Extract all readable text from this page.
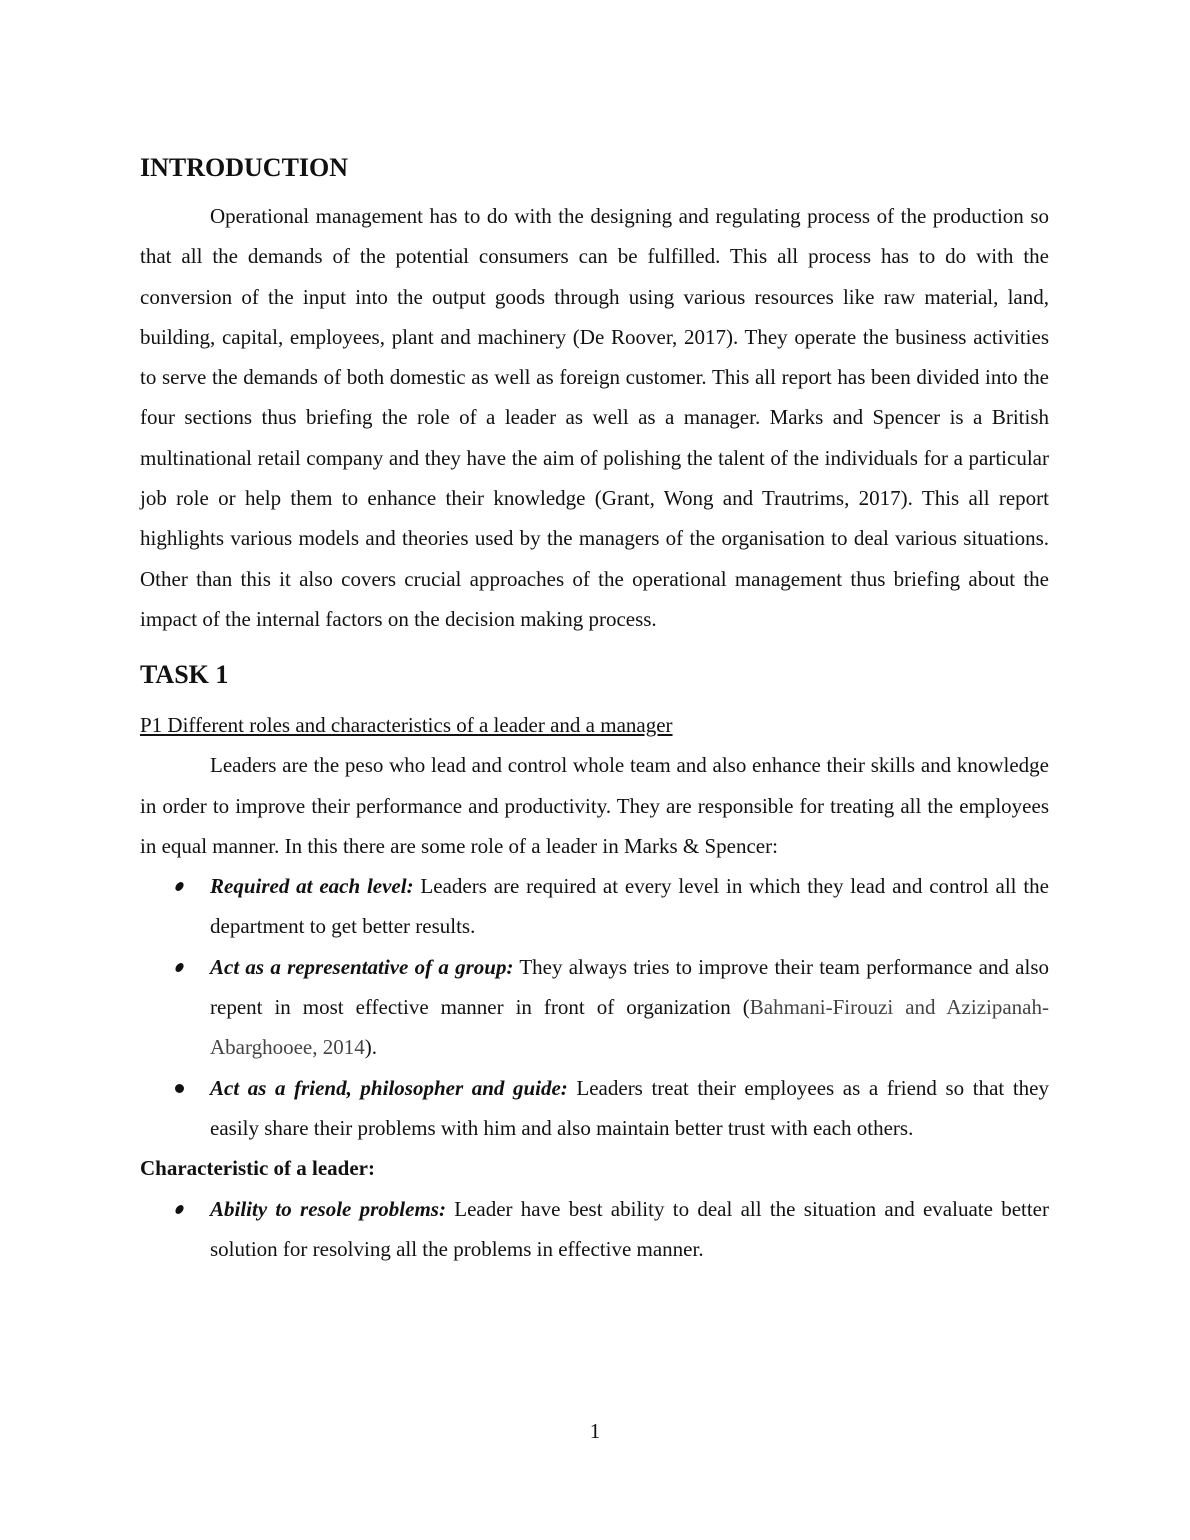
INTRODUCTION

Operational management has to do with the designing and regulating process of the production so that all the demands of the potential consumers can be fulfilled. This all process has to do with the conversion of the input into the output goods through using various resources like raw material, land, building, capital, employees, plant and machinery (De Roover, 2017). They operate the business activities to serve the demands of both domestic as well as foreign customer. This all report has been divided into the four sections thus briefing the role of a leader as well as a manager. Marks and Spencer is a British multinational retail company and they have the aim of polishing the talent of the individuals for a particular job role or help them to enhance their knowledge (Grant, Wong and Trautrims, 2017). This all report highlights various models and theories used by the managers of the organisation to deal various situations. Other than this it also covers crucial approaches of the operational management thus briefing about the impact of the internal factors on the decision making process.

TASK 1

P1 Different roles and characteristics of a leader and a manager

Leaders are the peso who lead and control whole team and also enhance their skills and knowledge in order to improve their performance and productivity. They are responsible for treating all the employees in equal manner. In this there are some role of a leader in Marks & Spencer:

Required at each level: Leaders are required at every level in which they lead and control all the department to get better results.
Act as a representative of a group: They always tries to improve their team performance and also repent in most effective manner in front of organization (Bahmani-Firouzi and Azizipanah-Abarghooee, 2014).
Act as a friend, philosopher and guide: Leaders treat their employees as a friend so that they easily share their problems with him and also maintain better trust with each others.

Characteristic of a leader:

Ability to resole problems: Leader have best ability to deal all the situation and evaluate better solution for resolving all the problems in effective manner.
1
